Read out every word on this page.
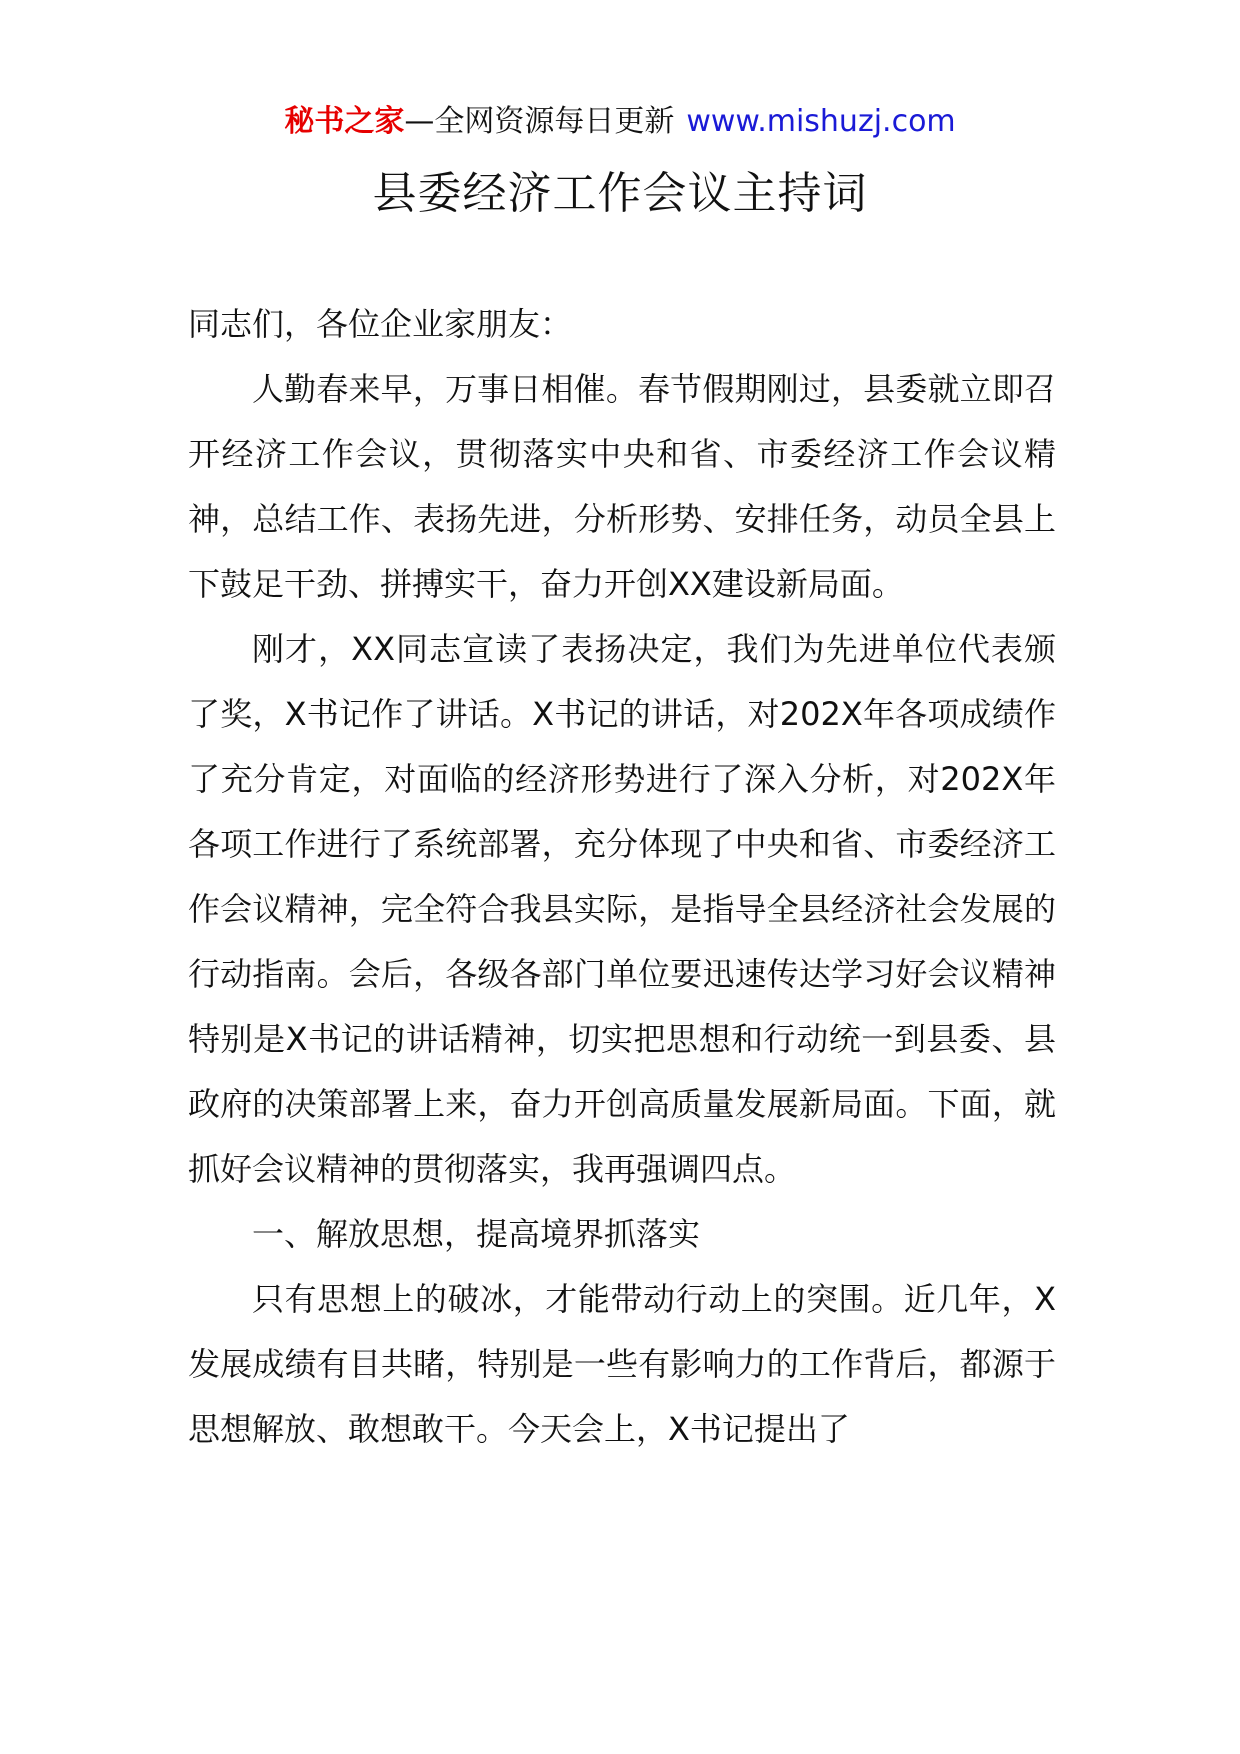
秘书之家—全网资源每日更新 www.mishuzj.com
县委经济工作会议主持词

同志们，各位企业家朋友：

人勤春来早，万事日相催。春节假期刚过，县委就立即召开经济工作会议，贯彻落实中央和省、市委经济工作会议精神，总结工作、表扬先进，分析形势、安排任务，动员全县上下鼓足干劲、拼搏实干，奋力开创XX建设新局面。

刚才，XX同志宣读了表扬决定，我们为先进单位代表颁了奖，X书记作了讲话。X书记的讲话，对202X年各项成绩作了充分肯定，对面临的经济形势进行了深入分析，对202X年各项工作进行了系统部署，充分体现了中央和省、市委经济工作会议精神，完全符合我县实际，是指导全县经济社会发展的行动指南。会后，各级各部门单位要迅速传达学习好会议精神特别是X书记的讲话精神，切实把思想和行动统一到县委、县政府的决策部署上来，奋力开创高质量发展新局面。下面，就抓好会议精神的贯彻落实，我再强调四点。

一、解放思想，提高境界抓落实

只有思想上的破冰，才能带动行动上的突围。近几年，X发展成绩有目共睹，特别是一些有影响力的工作背后，都源于思想解放、敢想敢干。今天会上，X书记提出了
